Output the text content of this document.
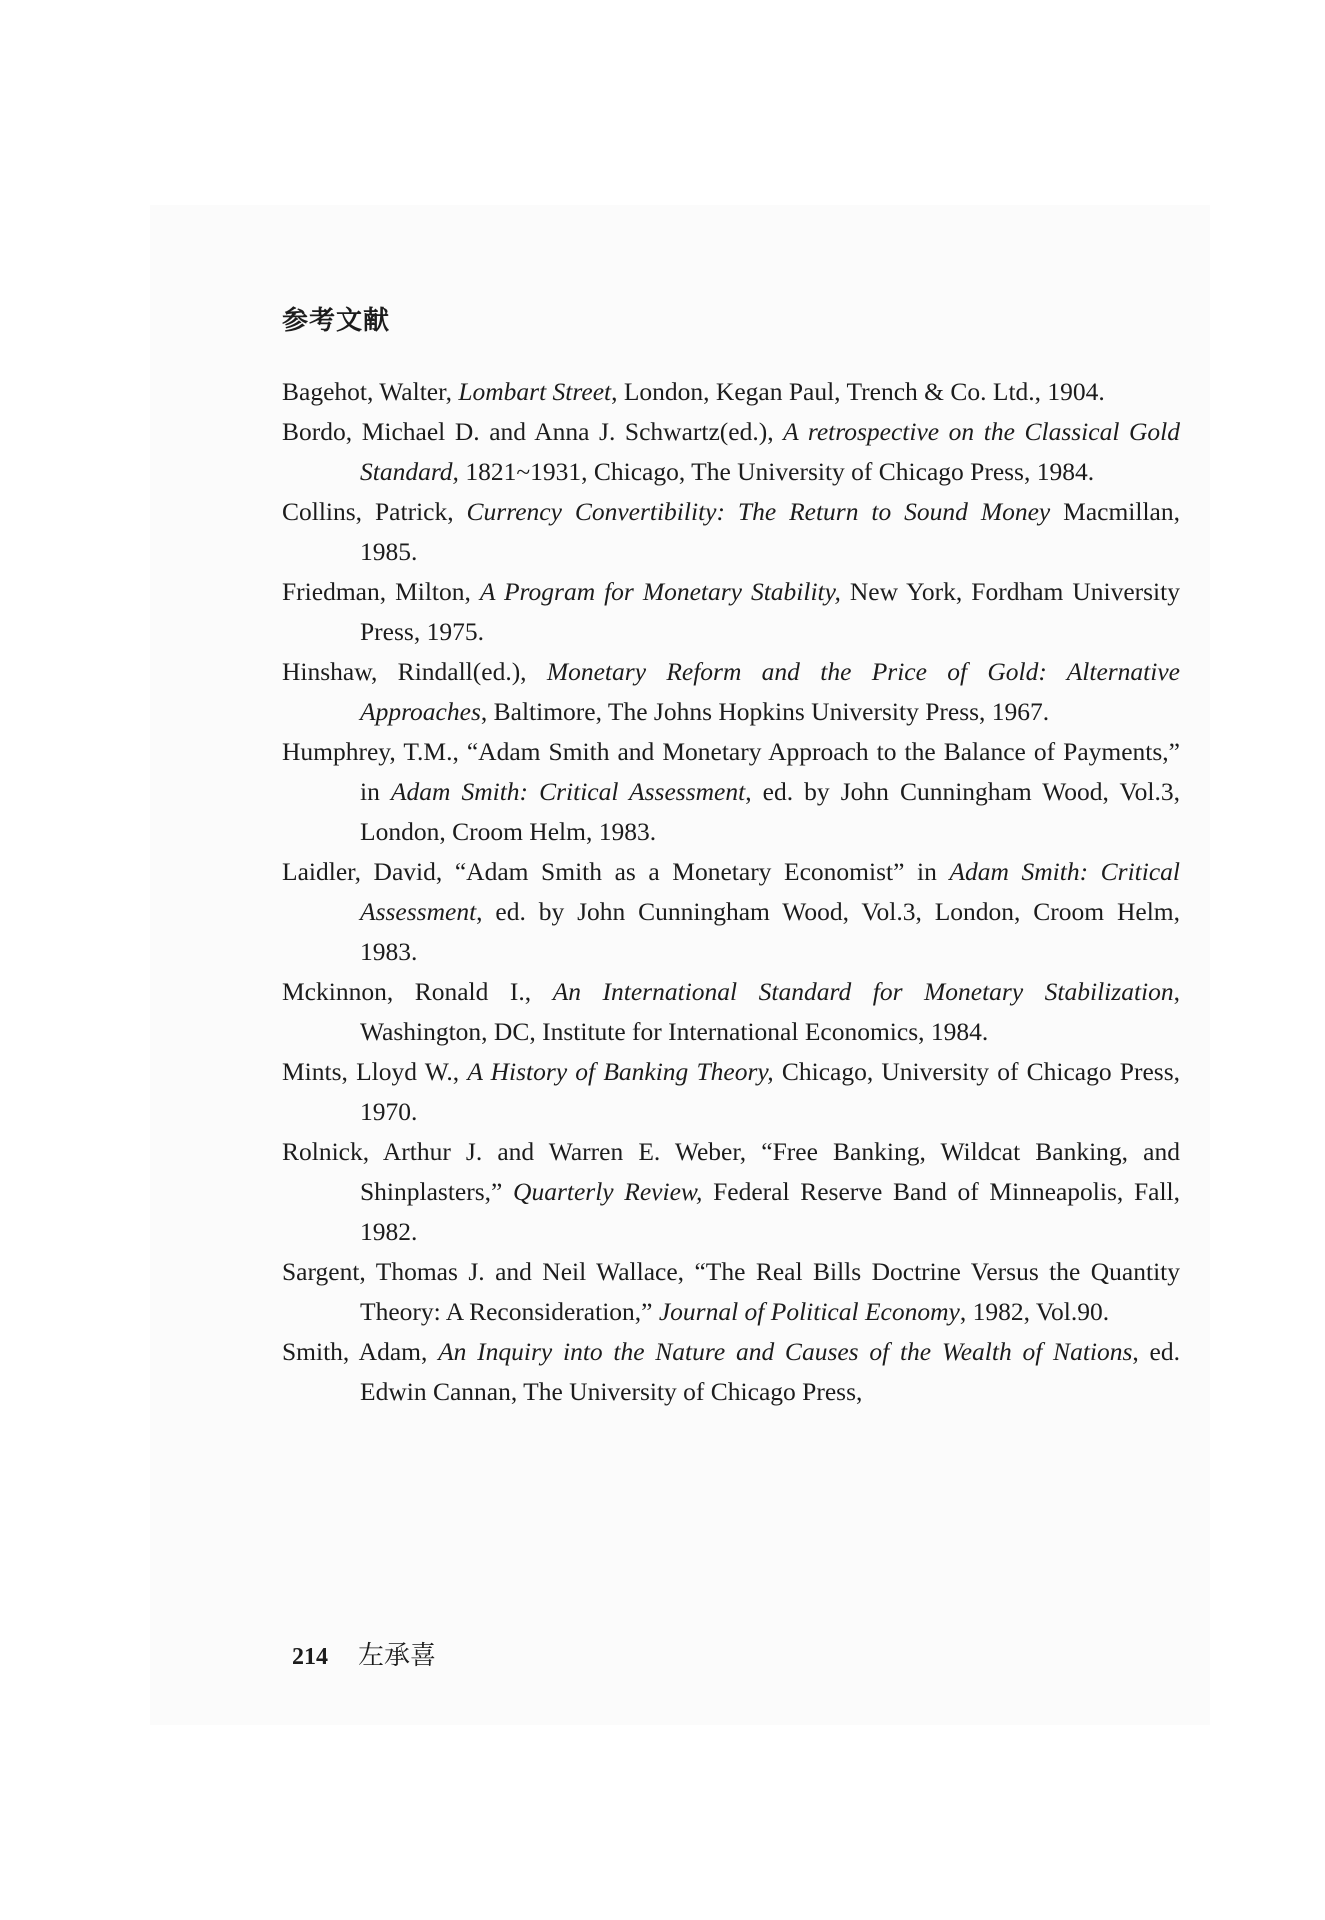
参考文献
Bagehot, Walter, Lombart Street, London, Kegan Paul, Trench & Co. Ltd., 1904.
Bordo, Michael D. and Anna J. Schwartz(ed.), A retrospective on the Classical Gold Standard, 1821~1931, Chicago, The University of Chicago Press, 1984.
Collins, Patrick, Currency Convertibility: The Return to Sound Money Macmillan, 1985.
Friedman, Milton, A Program for Monetary Stability, New York, Fordham University Press, 1975.
Hinshaw, Rindall(ed.), Monetary Reform and the Price of Gold: Alternative Approaches, Baltimore, The Johns Hopkins University Press, 1967.
Humphrey, T.M., “Adam Smith and Monetary Approach to the Balance of Payments,” in Adam Smith: Critical Assessment, ed. by John Cunningham Wood, Vol.3, London, Croom Helm, 1983.
Laidler, David, “Adam Smith as a Monetary Economist” in Adam Smith: Critical Assessment, ed. by John Cunningham Wood, Vol.3, London, Croom Helm, 1983.
Mckinnon, Ronald I., An International Standard for Monetary Stabilization, Washington, DC, Institute for International Economics, 1984.
Mints, Lloyd W., A History of Banking Theory, Chicago, University of Chicago Press, 1970.
Rolnick, Arthur J. and Warren E. Weber, “Free Banking, Wildcat Banking, and Shinplasters,” Quarterly Review, Federal Reserve Band of Minneapolis, Fall, 1982.
Sargent, Thomas J. and Neil Wallace, “The Real Bills Doctrine Versus the Quantity Theory: A Reconsideration,” Journal of Political Economy, 1982, Vol.90.
Smith, Adam, An Inquiry into the Nature and Causes of the Wealth of Nations, ed. Edwin Cannan, The University of Chicago Press,
214 左承喜
